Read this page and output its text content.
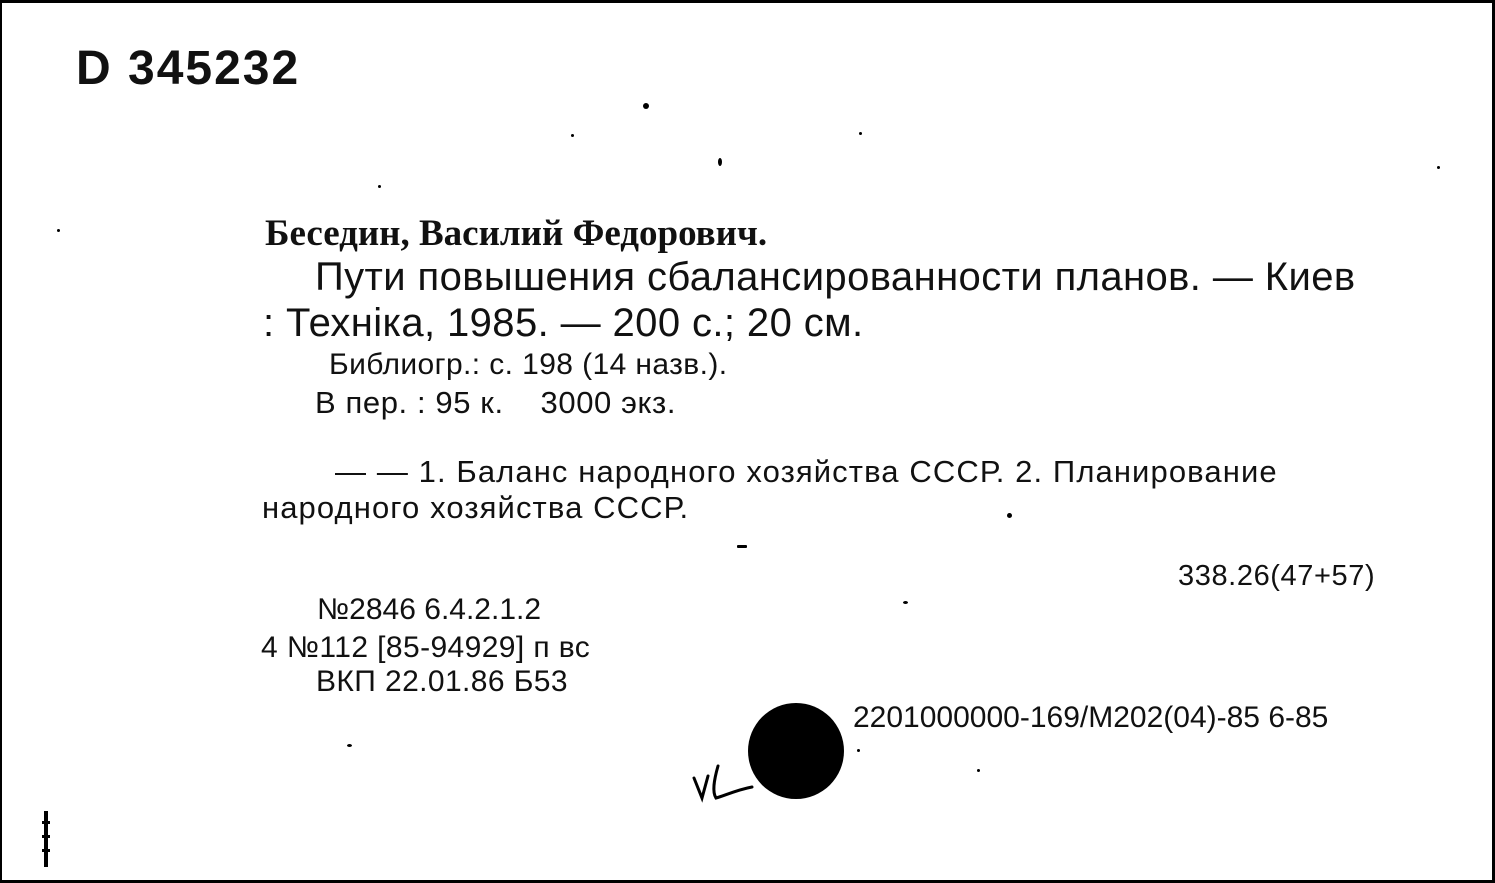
D 345232
Беседин, Василий Федорович.
Пути повышения сбалансированности планов. — Киев
: Техніка, 1985. — 200 с.; 20 см.
Библиогр.: с. 198 (14 назв.).
В пер. : 95 к.    3000 экз.
— — 1. Баланс народного хозяйства СССР. 2. Планирование
народного хозяйства СССР.
338.26(47+57)
№2846 6.4.2.1.2
4 №112 [85-94929] п вс
ВКП 22.01.86 Б53
2201000000-169/М202(04)-85 6-85
